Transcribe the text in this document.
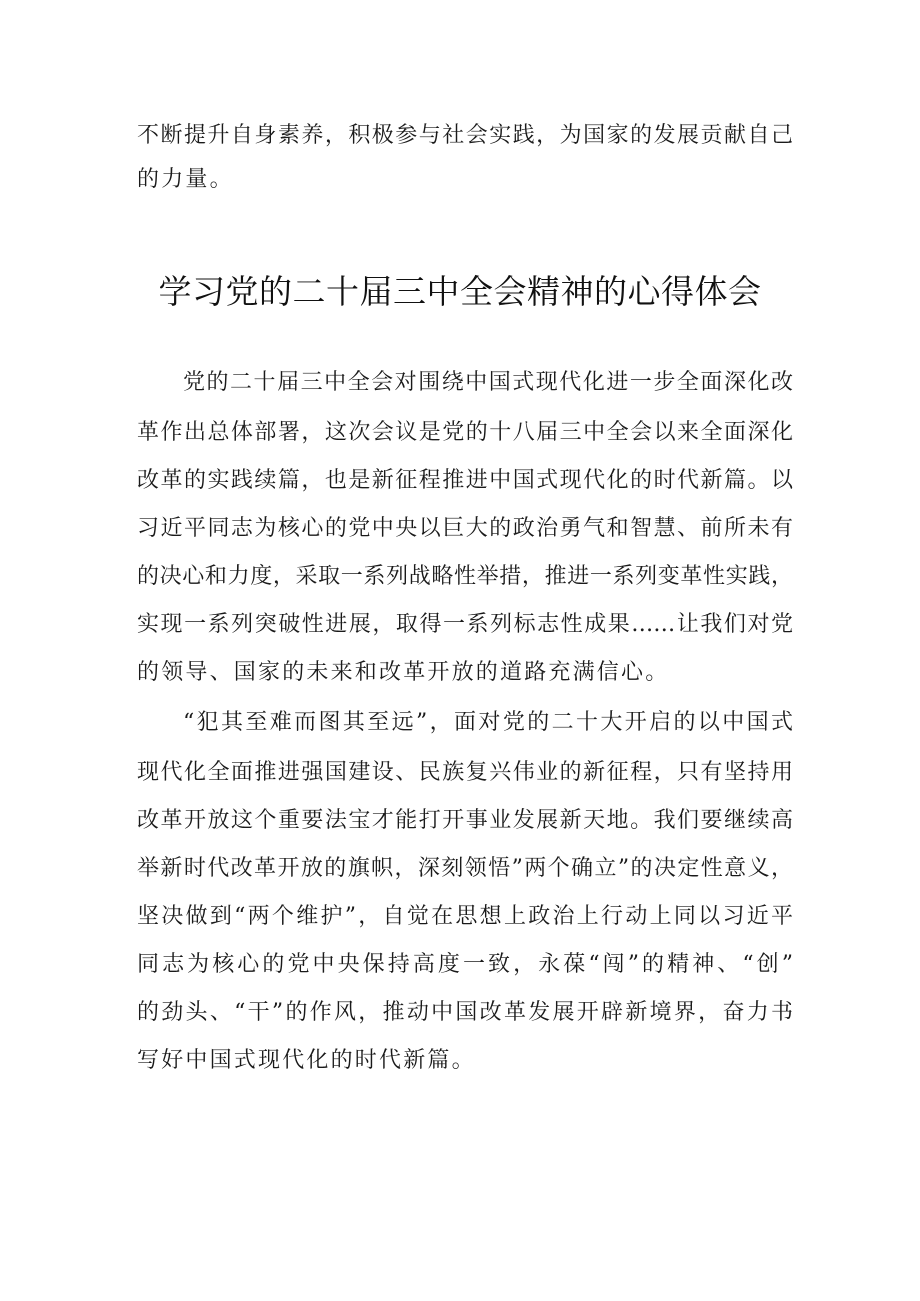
不断提升自身素养，积极参与社会实践，为国家的发展贡献自己
的力量。
学习党的二十届三中全会精神的心得体会
党的二十届三中全会对围绕中国式现代化进一步全面深化改
革作出总体部署，这次会议是党的十八届三中全会以来全面深化
改革的实践续篇，也是新征程推进中国式现代化的时代新篇。以
习近平同志为核心的党中央以巨大的政治勇气和智慧、前所未有
的决心和力度，采取一系列战略性举措，推进一系列变革性实践，
实现一系列突破性进展，取得一系列标志性成果……让我们对党
的领导、国家的未来和改革开放的道路充满信心。
“犯其至难而图其至远”，面对党的二十大开启的以中国式
现代化全面推进强国建设、民族复兴伟业的新征程，只有坚持用
改革开放这个重要法宝才能打开事业发展新天地。我们要继续高
举新时代改革开放的旗帜，深刻领悟”两个确立”的决定性意义，
坚决做到“两个维护”，自觉在思想上政治上行动上同以习近平
同志为核心的党中央保持高度一致，永葆“闯”的精神、“创”
的劲头、“干”的作风，推动中国改革发展开辟新境界，奋力书
写好中国式现代化的时代新篇。
